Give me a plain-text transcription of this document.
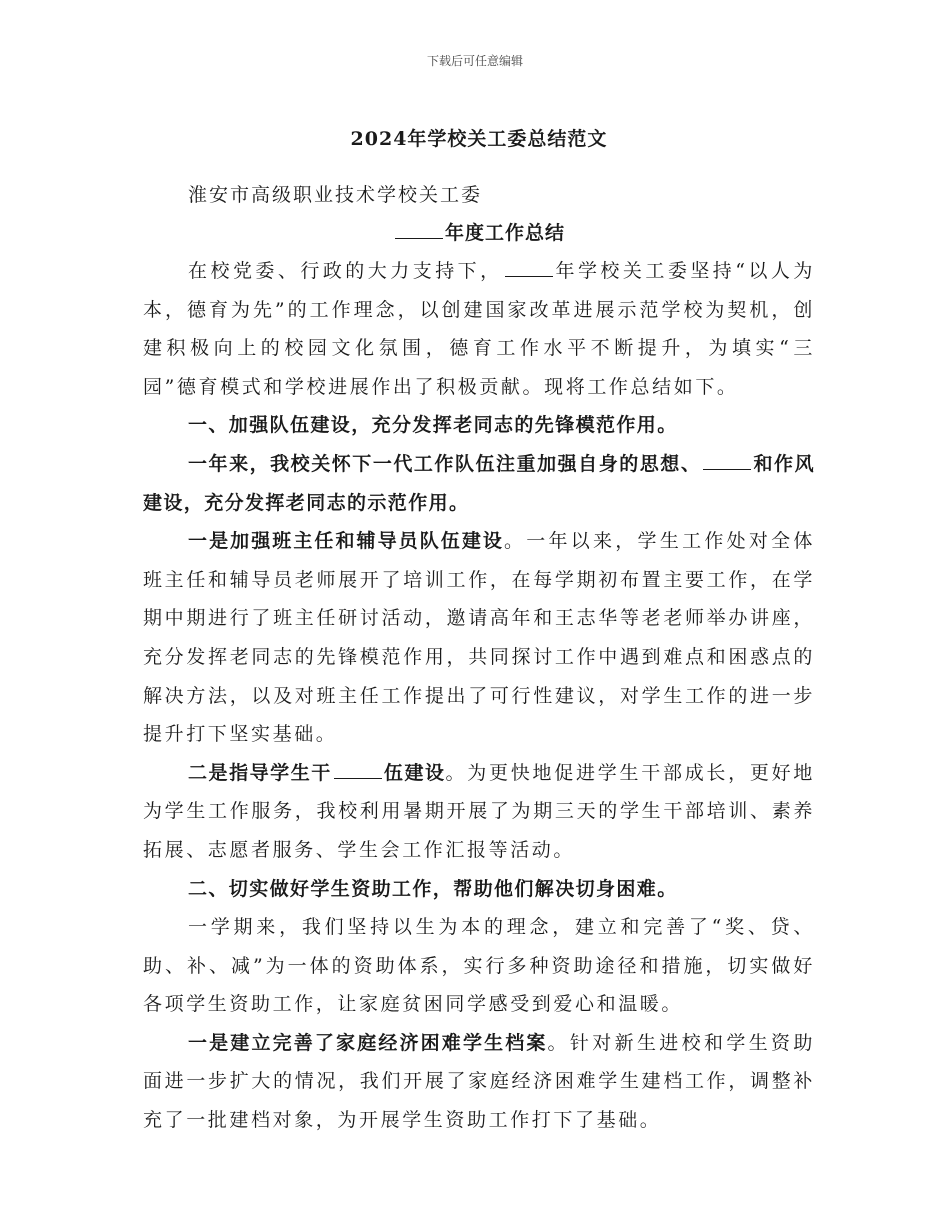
下载后可任意编辑
2024年学校关工委总结范文

淮安市高级职业技术学校关工委

年度工作总结

在校党委、行政的大力支持下，	年学校关工委坚持“以人为本，德育为先”的工作理念，以创建国家改革进展示范学校为契机，创建积极向上的校园文化氛围，德育工作水平不断提升，为填实“三园”德育模式和学校进展作出了积极贡献。现将工作总结如下。

一、加强队伍建设，充分发挥老同志的先锋模范作用。

一年来，我校关怀下一代工作队伍注重加强自身的思想、	和作风建设，充分发挥老同志的示范作用。

一是加强班主任和辅导员队伍建设。一年以来，学生工作处对全体班主任和辅导员老师展开了培训工作，在每学期初布置主要工作，在学期中期进行了班主任研讨活动，邀请高年和王志华等老老师举办讲座，充分发挥老同志的先锋模范作用，共同探讨工作中遇到难点和困惑点的解决方法，以及对班主任工作提出了可行性建议，对学生工作的进一步提升打下坚实基础。

二是指导学生干	伍建设。为更快地促进学生干部成长，更好地为学生工作服务，我校利用暑期开展了为期三天的学生干部培训、素养拓展、志愿者服务、学生会工作汇报等活动。

二、切实做好学生资助工作，帮助他们解决切身困难。

一学期来，我们坚持以生为本的理念，建立和完善了“奖、贷、助、补、减”为一体的资助体系，实行多种资助途径和措施，切实做好各项学生资助工作，让家庭贫困同学感受到爱心和温暖。

一是建立完善了家庭经济困难学生档案。针对新生进校和学生资助面进一步扩大的情况，我们开展了家庭经济困难学生建档工作，调整补充了一批建档对象，为开展学生资助工作打下了基础。
